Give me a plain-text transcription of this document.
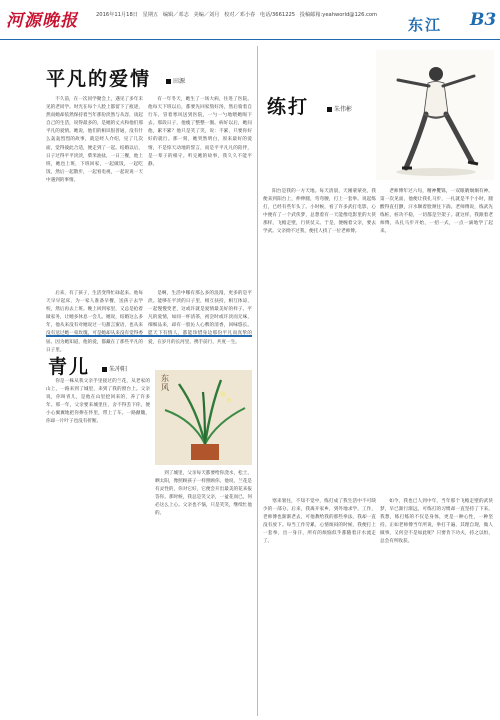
河源晚报	2016年11月18日 星期五 编辑／邓志 美编／刘月 校对／邓小春 电话/3661225 投稿邮箱:yeahworld@126.com
东江 B3
平凡的爱情	田源

不久前，在一次同学聚会上，遇见了多年未见的老同学。时光在每个人脸上都留下了痕迹，然而她却依然保持着当年那份淡然与从容，谈起自己的生活，说得最多的，是她的丈夫和他们那平凡的爱情。她说，他们的相识很普通，没有什么轰轰烈烈的故事，就是经人介绍，见了几次面，觉得彼此合适，便走到了一起。结婚以后，日子过得平平淡淡，柴米油盐，一日三餐，他上班，她也上班，下班回家，一起做饭，一起吃饭，然后一起散步，一起看电视，一起说说一天中遇到的事情。

后来，有了孩子，生活变得忙碌起来。他每天早早起床，为一家人准备早餐，送孩子去学校，然后再去上班。晚上回到家里，又总是抢着做家务，让她多休息一会儿。她说，结婚这么多年，他从来没有对她说过一句甜言蜜语，也从来没有送过她一束玫瑰，可是她却从来没有觉得委屈。因为她知道，他的爱，都藏在了那些平凡的日子里。

有一年冬天，她生了一场大病，住进了医院。他每天下班以后，都要先回家熬好汤，然后骑着自行车，冒着寒风送到医院，一勺一勺地喂她喝下去。那段日子，他瘦了整整一圈。病好以后，她问他，累不累？他只是笑了笑，说：不累，只要你好好的就行。那一刻，她突然明白，原来最好的爱情，不是惊天动地的誓言，而是平平凡凡的陪伴，是一辈子的相守。听完她的故事，我久久不能平静。

是啊，生活中哪有那么多的浪漫，更多的是平淡。能够在平淡的日子里，相互扶持，相互体谅，一起慢慢变老，这或许就是爱情最美好的样子。平凡的爱情，如同一杯清茶，初尝时或许淡而无味，细细品来，却有一股沁人心脾的清香，回味悠长。愿天下有情人，都能珍惜身边那份平凡而真挚的爱，在岁月的长河里，携手前行，共度一生。

练打	朱伟彬

阳台是我的一方天地。每天清晨，天刚蒙蒙亮，我便来到阳台上，伸伸腿，弯弯腰，打上一套拳。说起练打，已经有些年头了。小时候，看了许多武打电影，心中便有了一个武侠梦，总想着有一天能像电影里的大侠那样，飞檐走壁，行侠仗义。于是，便缠着父亲，要去学武。父亲拗不过我，便托人找了一位老师傅。

老师傅年过六旬，精神矍铄，一双眼睛炯炯有神。第一次见面，他便让我扎马步，一扎就是半个小时，腿酸得直打颤，汗水顺着脸颊往下淌。老师傅说，练武先练桩，桩功不稳，一切都是空架子。就这样，我跟着老师傅，从扎马步开始，一招一式，一点一滴地学了起来。

寒来暑往，不知不觉中，练打成了我生活中不可缺少的一部分。后来，我离开家乡，到外地求学，工作，老师傅也渐渐老去，可他教给我的那些拳法，我却一直没有放下。每当工作劳累，心情烦闷的时候，我便打上一套拳，出一身汗，所有的烦恼似乎都随着汗水流走了。

如今，我也已人到中年，当年那个飞檐走壁的武侠梦，早已渐行渐远，可练打的习惯却一直坚持了下来。我想，练打练的不仅是身体，更是一种心性，一种坚持。正如老师傅当年所说，拳打千遍，其理自现，做人做事，又何尝不是如此呢？只要肯下功夫，持之以恒，总会有所收获。

青儿	朱冲阳
东风

你是一株从我父亲手里接过的兰花，从老家的山上，一路来到了城里，来到了我的窗台上。父亲说，你叫青儿，是他在山里挖回来的，养了许多年。那一年，父亲要来城里住，舍不得丢下你，便小心翼翼地把你捧在怀里，带上了车。一路颠簸，你却一片叶子也没有折断。

到了城里，父亲每天都要给你浇水，松土，晒太阳，像照顾孩子一样照顾你。他说，兰花是有灵性的，你对它好，它便会开出最美的花来报答你。那时候，我总是笑父亲，一盆花而已，何必这么上心。父亲也不恼，只是笑笑，继续忙他的。
